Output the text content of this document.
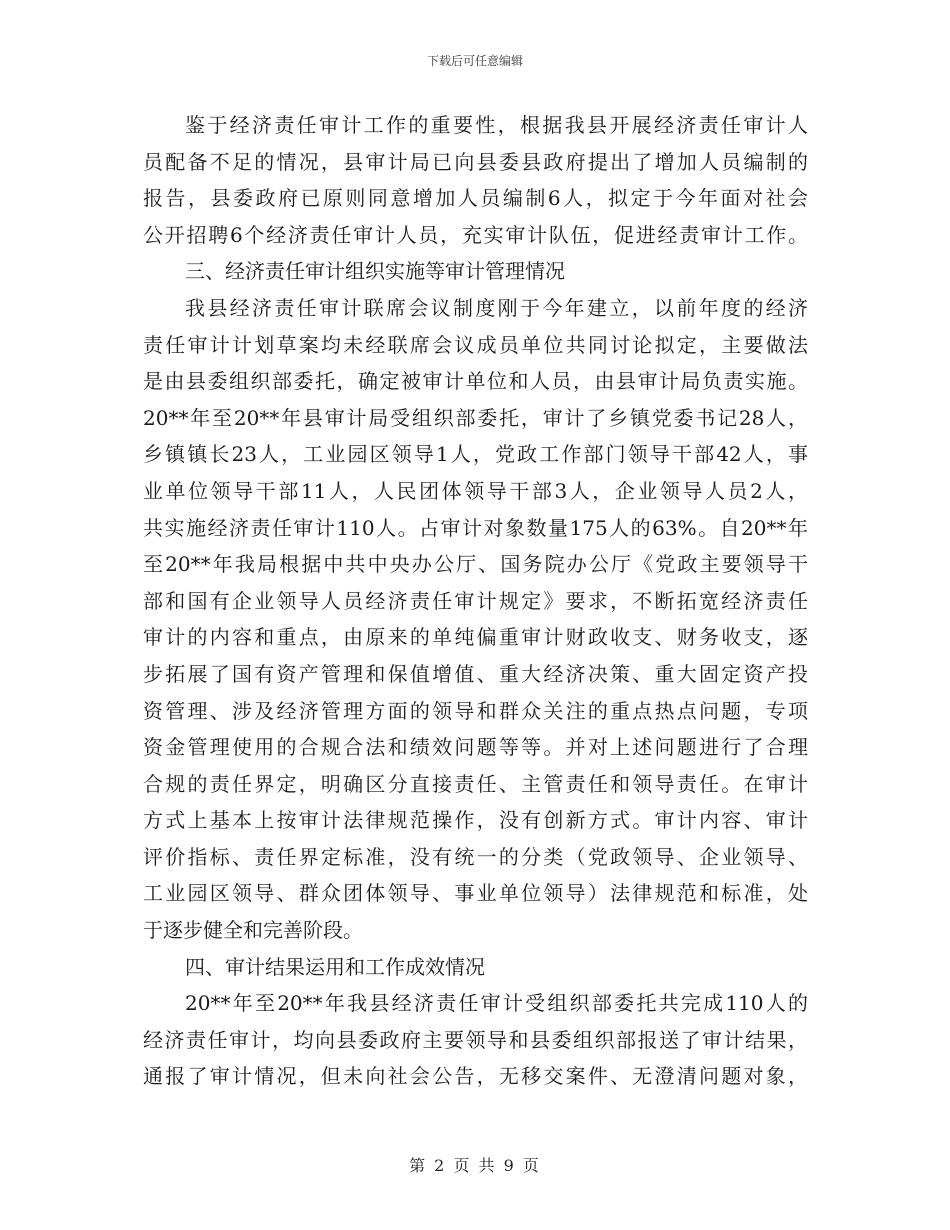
下载后可任意编辑
鉴于经济责任审计工作的重要性，根据我县开展经济责任审计人
员配备不足的情况，县审计局已向县委县政府提出了增加人员编制的
报告，县委政府已原则同意增加人员编制6人，拟定于今年面对社会
公开招聘6个经济责任审计人员，充实审计队伍，促进经责审计工作。
三、经济责任审计组织实施等审计管理情况
我县经济责任审计联席会议制度刚于今年建立，以前年度的经济
责任审计计划草案均未经联席会议成员单位共同讨论拟定，主要做法
是由县委组织部委托，确定被审计单位和人员，由县审计局负责实施。
20**年至20**年县审计局受组织部委托，审计了乡镇党委书记28人，
乡镇镇长23人，工业园区领导1人，党政工作部门领导干部42人，事
业单位领导干部11人，人民团体领导干部3人，企业领导人员2人，
共实施经济责任审计110人。占审计对象数量175人的63%。自20**年
至20**年我局根据中共中央办公厅、国务院办公厅《党政主要领导干
部和国有企业领导人员经济责任审计规定》要求，不断拓宽经济责任
审计的内容和重点，由原来的单纯偏重审计财政收支、财务收支，逐
步拓展了国有资产管理和保值增值、重大经济决策、重大固定资产投
资管理、涉及经济管理方面的领导和群众关注的重点热点问题，专项
资金管理使用的合规合法和绩效问题等等。并对上述问题进行了合理
合规的责任界定，明确区分直接责任、主管责任和领导责任。在审计
方式上基本上按审计法律规范操作，没有创新方式。审计内容、审计
评价指标、责任界定标准，没有统一的分类（党政领导、企业领导、
工业园区领导、群众团体领导、事业单位领导）法律规范和标准，处
于逐步健全和完善阶段。
四、审计结果运用和工作成效情况
20**年至20**年我县经济责任审计受组织部委托共完成110人的
经济责任审计，均向县委政府主要领导和县委组织部报送了审计结果，
通报了审计情况，但未向社会公告，无移交案件、无澄清问题对象，
第 2 页 共 9 页
